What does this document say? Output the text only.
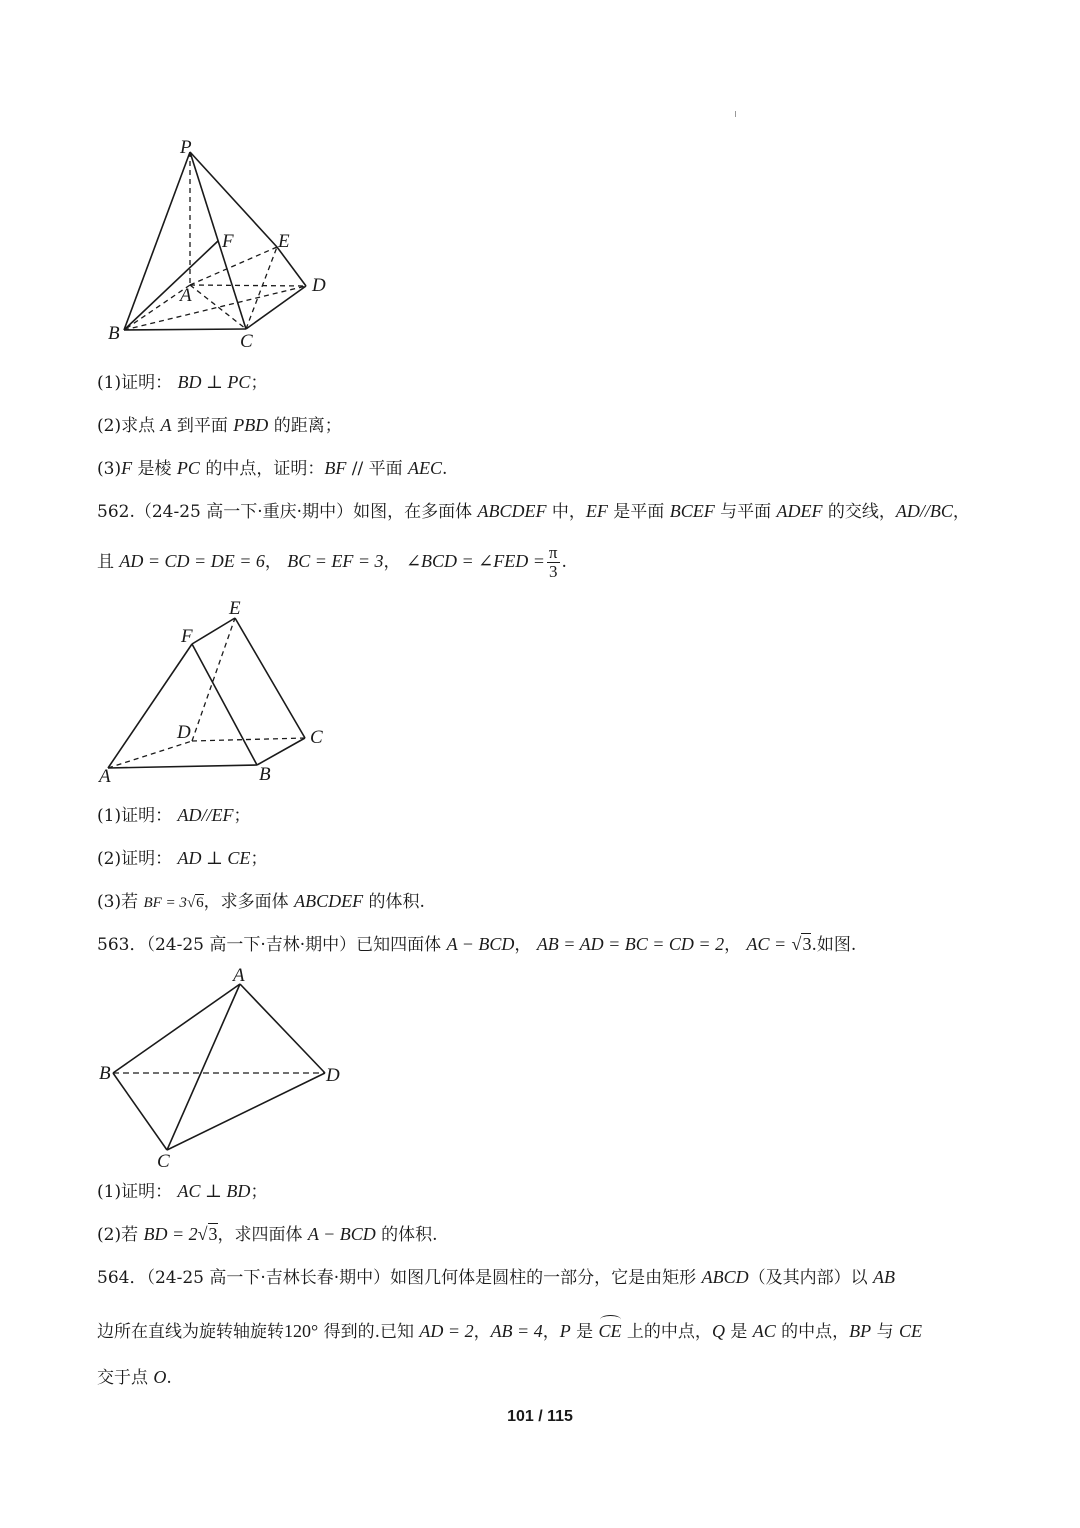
P
F E
A	D
B	C
(1)证明： BD ⊥ PC；
(2)求点 A 到平面 PBD 的距离；
(3)F 是棱 PC 的中点，证明：BF // 平面 AEC.
562.（24-25 高一下·重庆·期中）如图，在多面体 ABCDEF 中，EF 是平面 BCEF 与平面 ADEF 的交线，AD//BC，
且 AD = CD = DE = 6， BC = EF = 3， ∠BCD = ∠FED = $\frac{\pi}{3}$ .
E
F
D	C
A	B
(1)证明： AD//EF；
(2)证明： AD ⊥ CE；
(3)若 BF = 3√6，求多面体 ABCDEF 的体积.
563．（24-25 高一下·吉林·期中）已知四面体 A − BCD， AB = AD = BC = CD = 2， AC = √3.如图.
A
B	D
C
(1)证明： AC ⊥ BD；
(2)若 BD = 2√3，求四面体 A − BCD 的体积.
564．（24-25 高一下·吉林长春·期中）如图几何体是圆柱的一部分，它是由矩形 ABCD（及其内部）以 AB
边所在直线为旋转轴旋转120° 得到的.已知 AD = 2，AB = 4，P 是 CE 上的中点，Q 是 AC 的中点，BP 与 CE
交于点 O.
101 / 115
